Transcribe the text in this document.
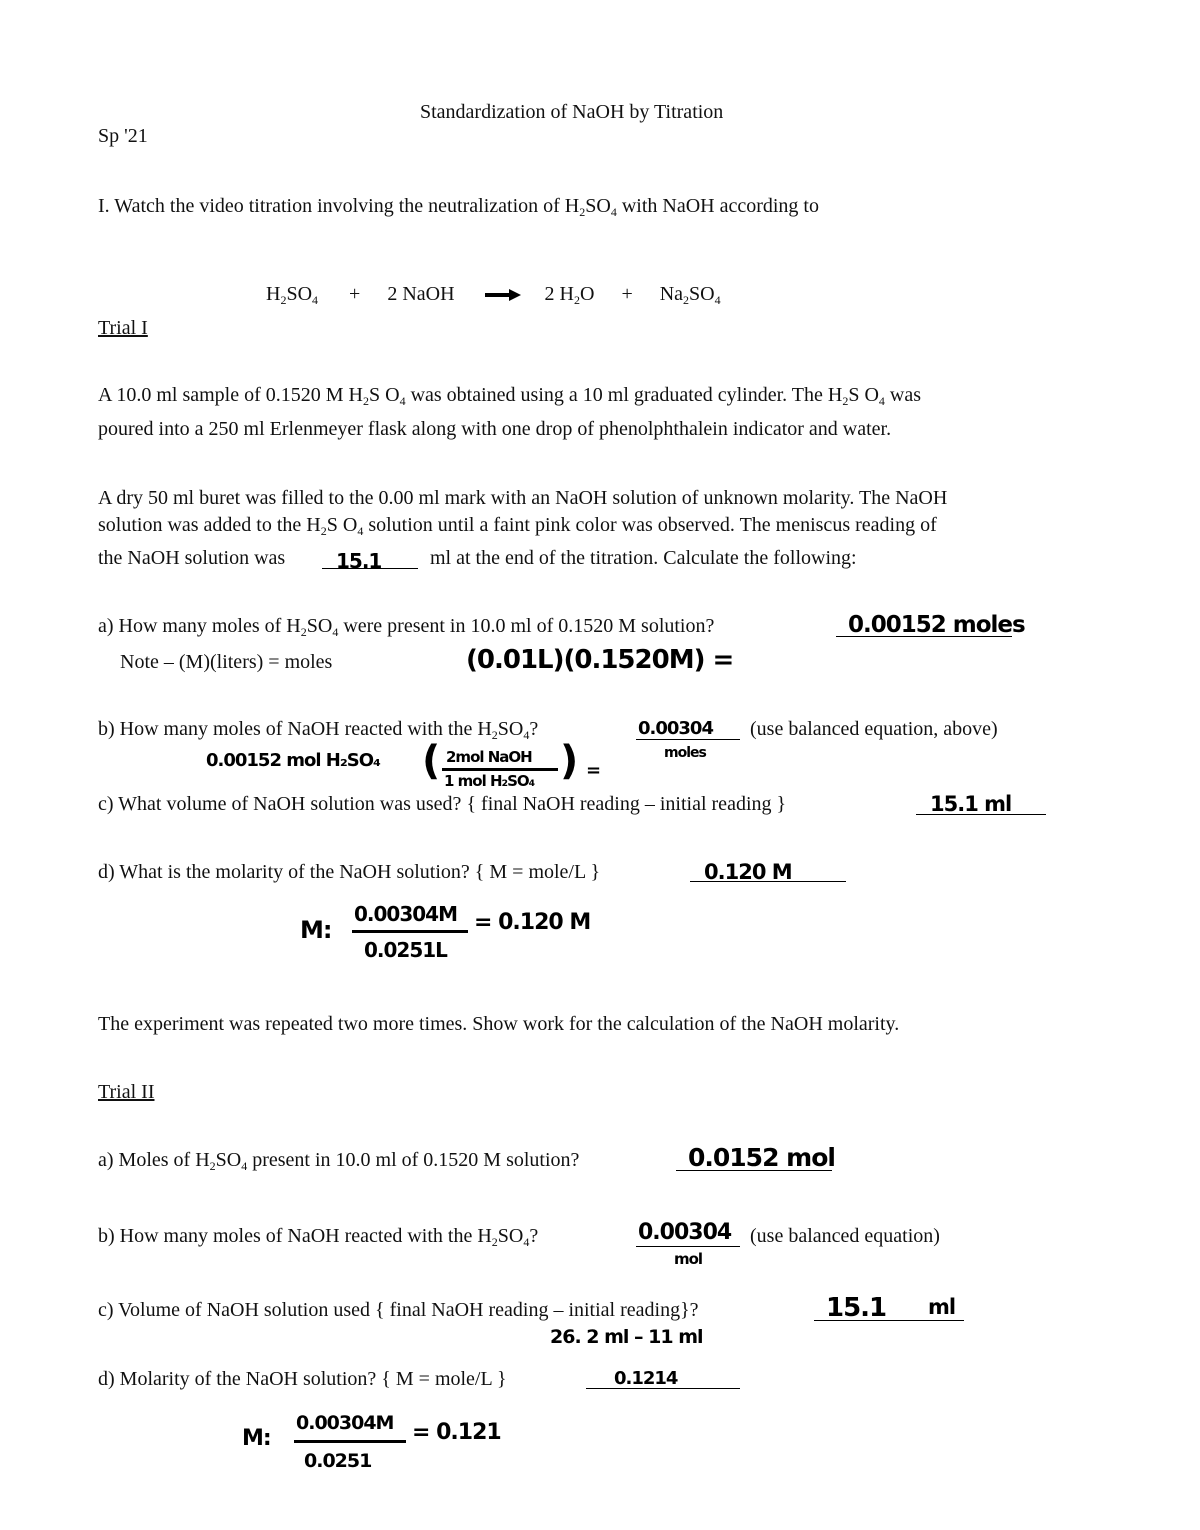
Standardization of NaOH by Titration
Sp '21
I. Watch the video titration involving the neutralization of $H_2SO_4$ with NaOH according to
$H_2SO_4 + 2$ NaOH	2 $H_2O + Na_2SO_4$
Trial I
A 10.0 ml sample of 0.1520 M $H_2S$ $O_4$ was obtained using a 10 ml graduated cylinder. The $H_2S$ $O_4$ was
poured into a 250 ml Erlenmeyer flask along with one drop of phenolphthalein indicator and water.
A dry 50 ml buret was filled to the 0.00 ml mark with an NaOH solution of unknown molarity. The NaOH
solution was added to the $H_2S$ $O_4$ solution until a faint pink color was observed. The meniscus reading of
the NaOH solution was	15.1 ml at the end of the titration. Calculate the following:
a) How many moles of $H_2SO_4$ were present in 10.0 ml of 0.1520 M solution?	0.00152 moles
Note – (M)(liters) = moles	(0.01L)(0.1520M) =
b) How many moles of NaOH reacted with the $H_2SO_4$?	0.00304
moles
(use balanced equation, above)
0.00152 mol H₂SO₄ ( 2mol NaOH
1 mol H₂SO₄ ) =
c) What volume of NaOH solution was used? { final NaOH reading – initial reading }	15.1 ml
d) What is the molarity of the NaOH solution? { M = mole/L }	0.120 M
M:
0.00304M
0.0251L
= 0.120 M
The experiment was repeated two more times. Show work for the calculation of the NaOH molarity.
Trial II
a) Moles of $H_2SO_4$ present in 10.0 ml of 0.1520 M solution?	0.0152 mol
b) How many moles of NaOH reacted with the $H_2SO_4$?	0.00304
mol
(use balanced equation)
c) Volume of NaOH solution used { final NaOH reading – initial reading}?	15.1 ml
26. 2 ml – 11 ml
d) Molarity of the NaOH solution? { M = mole/L }	0.1214
M:
0.00304M
0.0251
= 0.121
